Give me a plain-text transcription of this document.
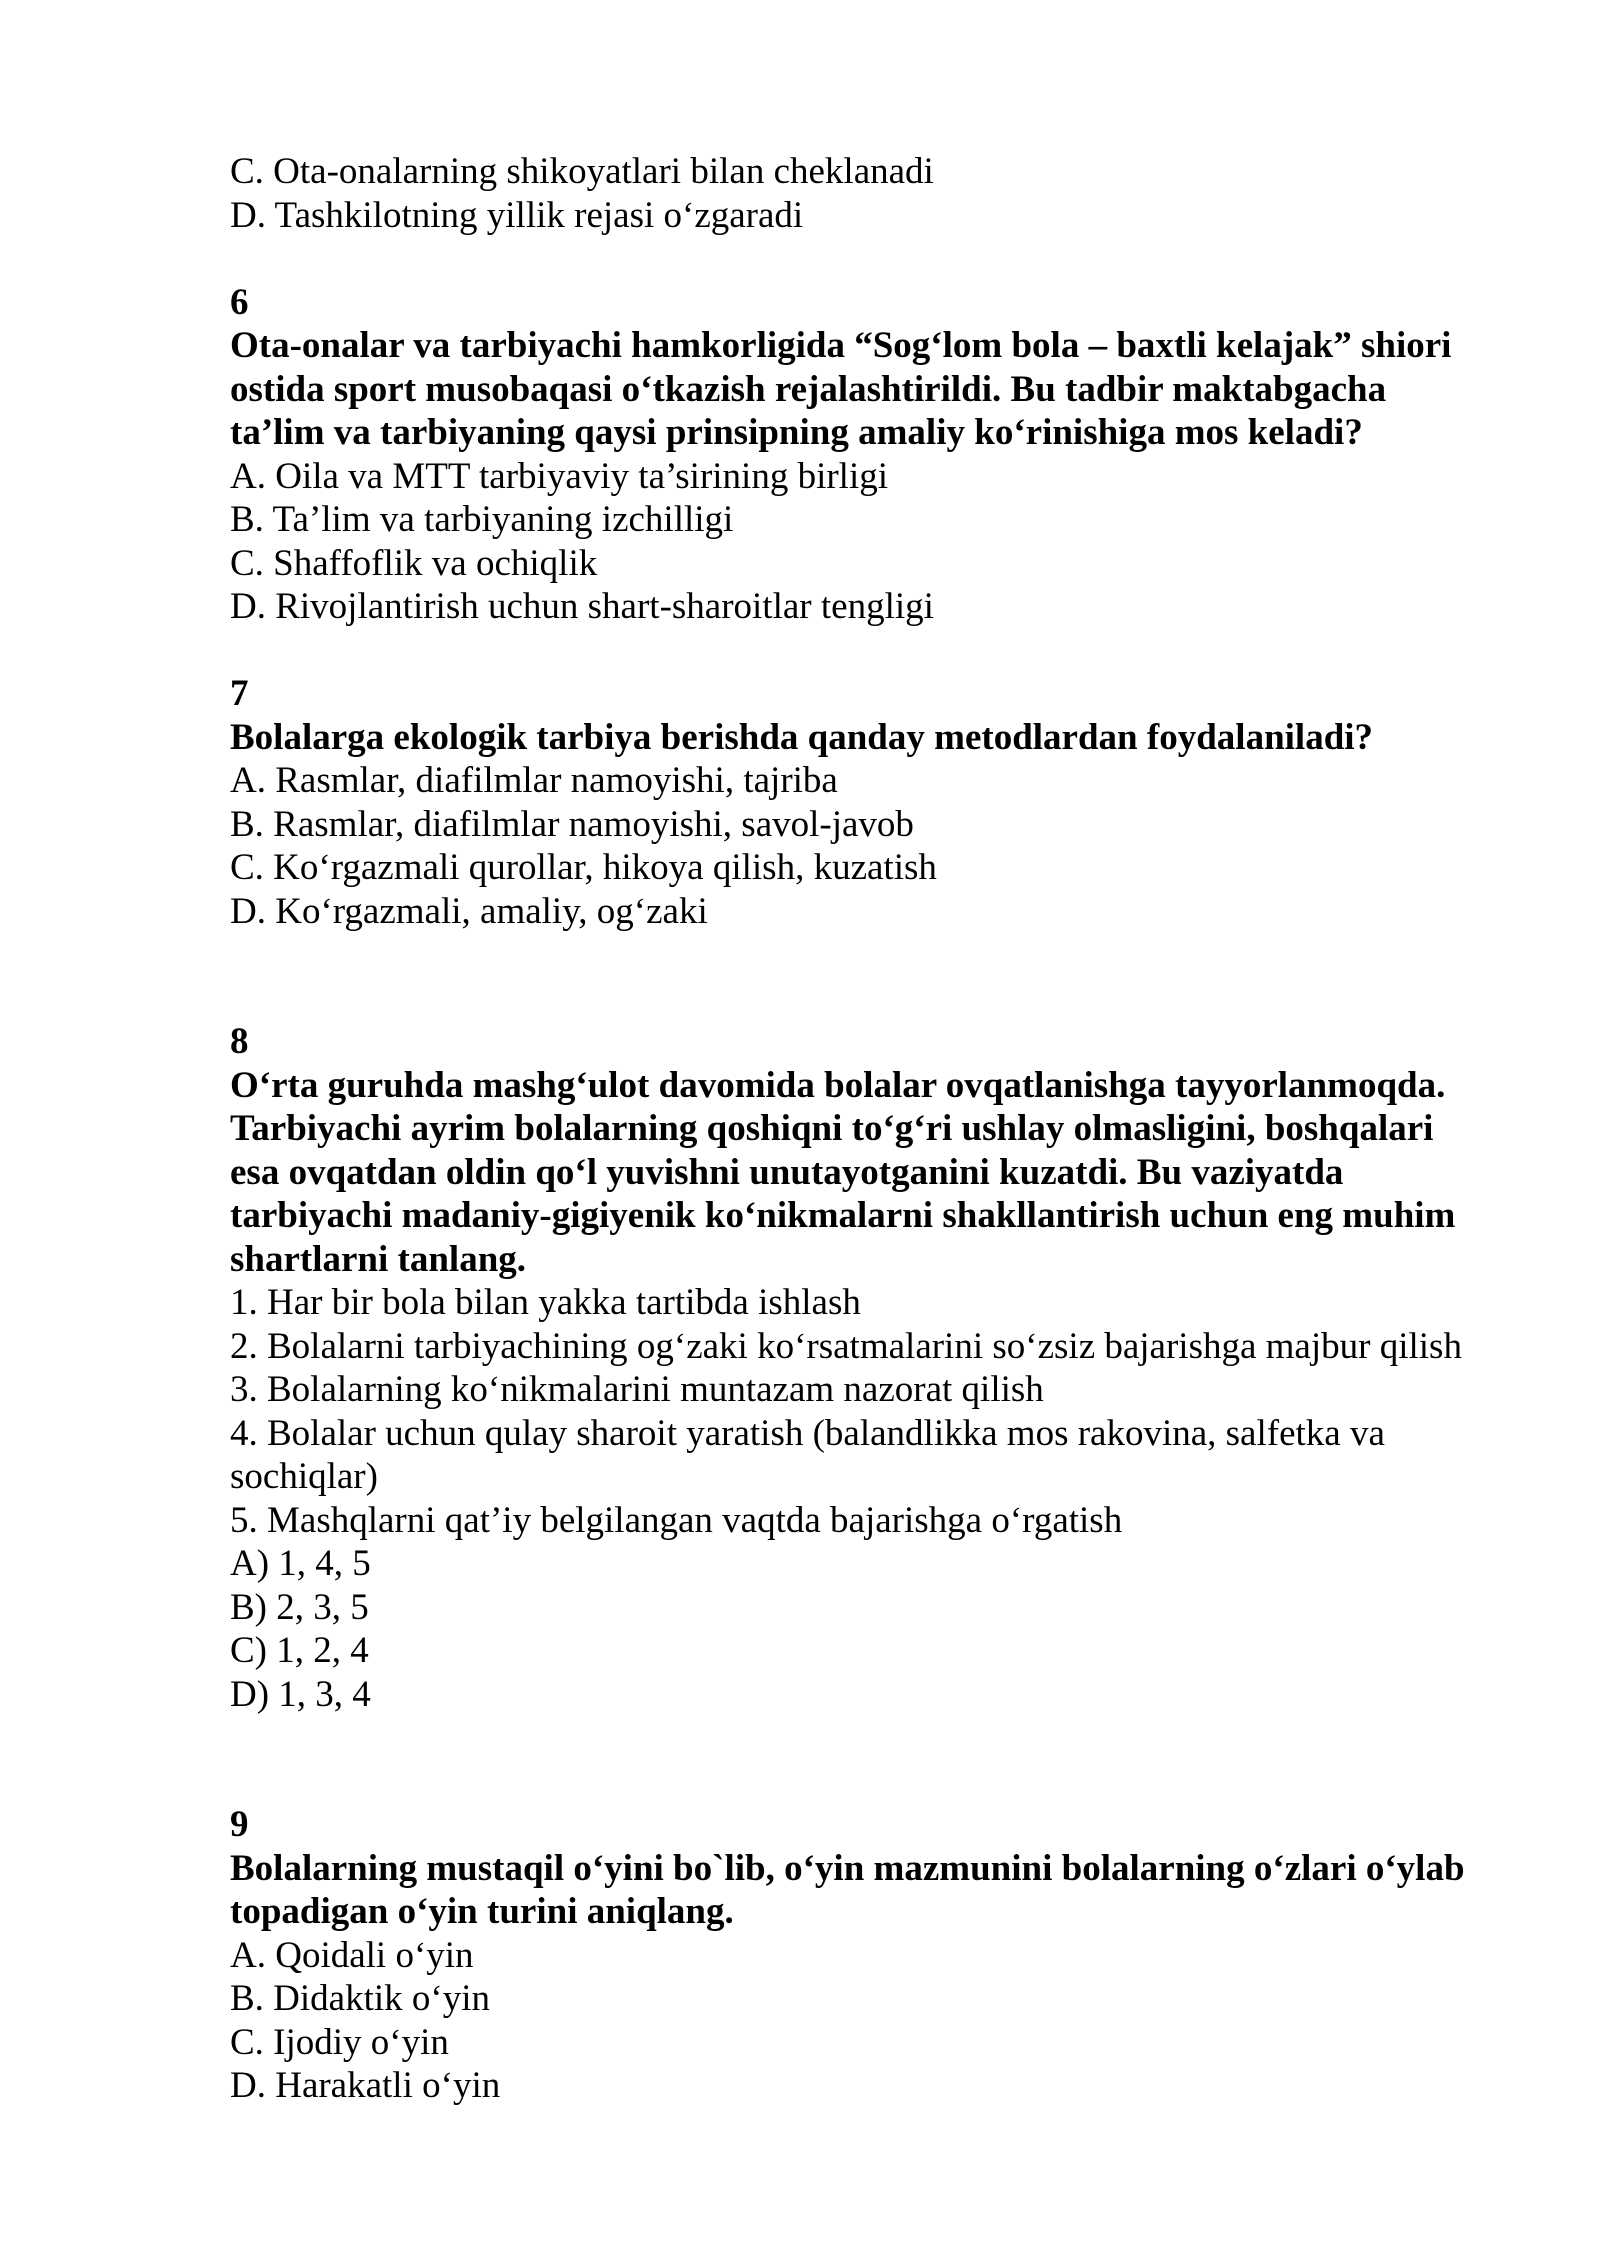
C. Ota-onalarning shikoyatlari bilan cheklanadi
D. Tashkilotning yillik rejasi o‘zgaradi
6
Ota-onalar va tarbiyachi hamkorligida “Sog‘lom bola – baxtli kelajak” shiori
ostida sport musobaqasi o‘tkazish rejalashtirildi. Bu tadbir maktabgacha
ta’lim va tarbiyaning qaysi prinsipning amaliy ko‘rinishiga mos keladi?
A. Oila va MTT tarbiyaviy ta’sirining birligi
B. Ta’lim va tarbiyaning izchilligi
C. Shaffoflik va ochiqlik
D. Rivojlantirish uchun shart-sharoitlar tengligi
7
Bolalarga ekologik tarbiya berishda qanday metodlardan foydalaniladi?
A. Rasmlar, diafilmlar namoyishi, tajriba
B. Rasmlar, diafilmlar namoyishi, savol-javob
C. Ko‘rgazmali qurollar, hikoya qilish, kuzatish
D. Ko‘rgazmali, amaliy, og‘zaki
8
O‘rta guruhda mashg‘ulot davomida bolalar ovqatlanishga tayyorlanmoqda.
Tarbiyachi ayrim bolalarning qoshiqni to‘g‘ri ushlay olmasligini, boshqalari
esa ovqatdan oldin qo‘l yuvishni unutayotganini kuzatdi. Bu vaziyatda
tarbiyachi madaniy-gigiyenik ko‘nikmalarni shakllantirish uchun eng muhim
shartlarni tanlang.
1. Har bir bola bilan yakka tartibda ishlash
2. Bolalarni tarbiyachining og‘zaki ko‘rsatmalarini so‘zsiz bajarishga majbur qilish
3. Bolalarning ko‘nikmalarini muntazam nazorat qilish
4. Bolalar uchun qulay sharoit yaratish (balandlikka mos rakovina, salfetka va
sochiqlar)
5. Mashqlarni qat’iy belgilangan vaqtda bajarishga o‘rgatish
A) 1, 4, 5
B) 2, 3, 5
C) 1, 2, 4
D) 1, 3, 4
9
Bolalarning mustaqil o‘yini bo`lib, o‘yin mazmunini bolalarning o‘zlari o‘ylab
topadigan o‘yin turini aniqlang.
A. Qoidali o‘yin
B. Didaktik o‘yin
C. Ijodiy o‘yin
D. Harakatli o‘yin
